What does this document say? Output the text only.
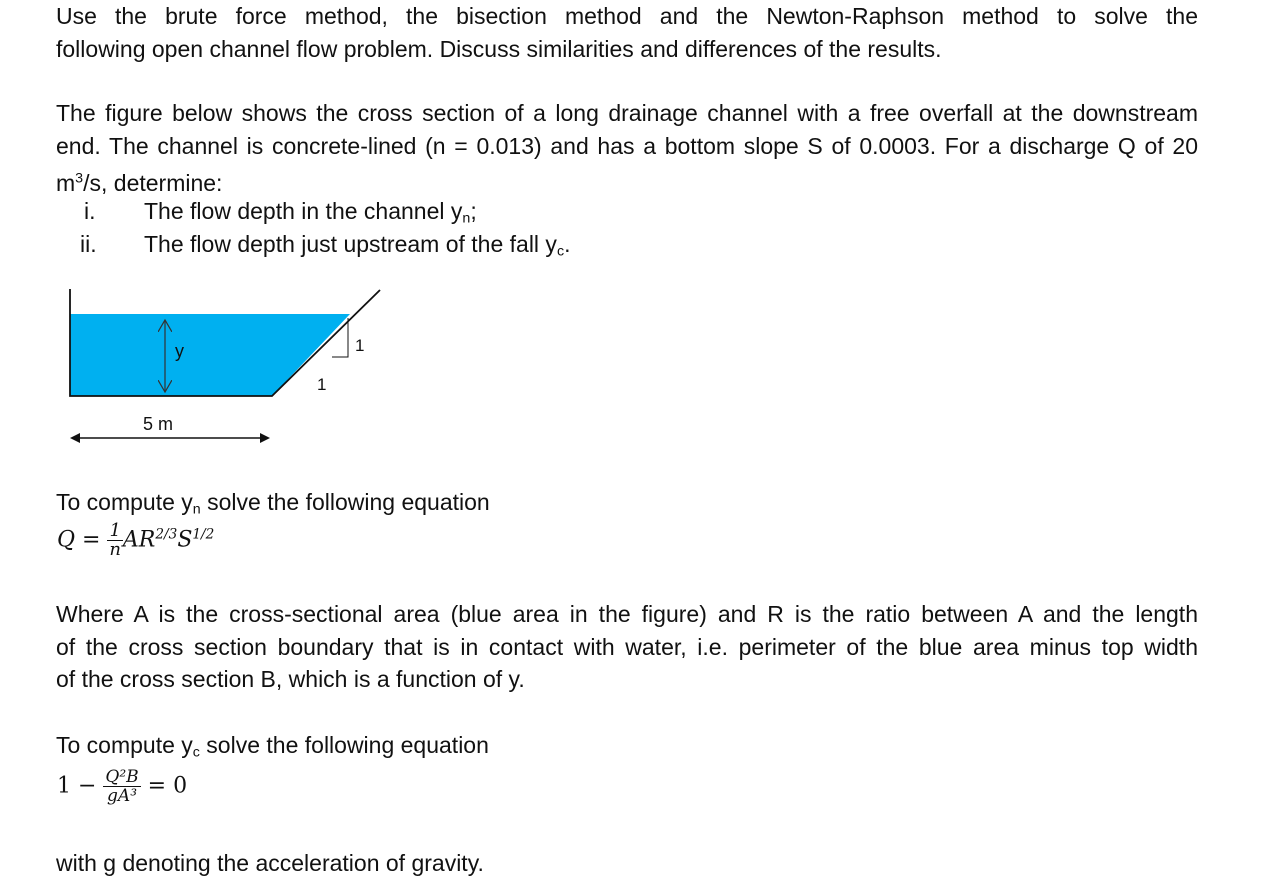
Use the brute force method, the bisection method and the Newton-Raphson method to solve the
following open channel flow problem. Discuss similarities and differences of the results.
The figure below shows the cross section of a long drainage channel with a free overfall at the downstream
end. The channel is concrete-lined (n = 0.013) and has a bottom slope S of 0.0003. For a discharge Q of 20
$m^3/s$, determine:
i. The flow depth in the channel $y_n$;
ii. The flow depth just upstream of the fall $y_c$.
y	1
1
5 m
To compute $y_n$ solve the following equation
$Q = \frac{1}{n} AR^{2/3}S^{1/2}$
Where A is the cross-sectional area (blue area in the figure) and R is the ratio between A and the length
of the cross section boundary that is in contact with water, i.e. perimeter of the blue area minus top width
of the cross section B, which is a function of y.
To compute $y_c$ solve the following equation
$1 - \frac{\text{Q²B}}{\text{gA³}} = 0$
with g denoting the acceleration of gravity.
